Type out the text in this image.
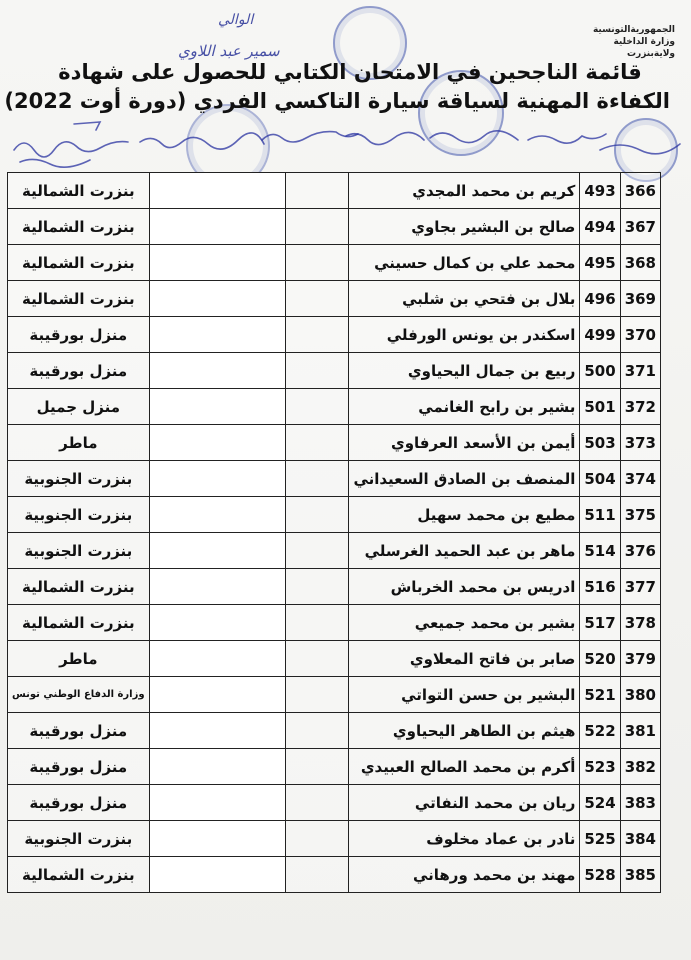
الجمهوريةالتونسية
وزارة الداخلية
ولايةبنزرت
الوالي
سمير عبد اللاوي
قائمة الناجحين في الامتحان الكتابي للحصول على شهادة
الكفاءة المهنية لسياقة سيارة التاكسي الفردي (دورة أوت 2022)
366	493	كريم بن محمد المجدي			بنزرت الشمالية
367	494	صالح بن البشير بجاوي			بنزرت الشمالية
368	495	محمد علي بن كمال حسيني			بنزرت الشمالية
369	496	بلال بن فتحي بن شلبي			بنزرت الشمالية
370	499	اسكندر بن يونس الورفلي			منزل بورقيبة
371	500	ربيع بن جمال اليحياوي			منزل بورقيبة
372	501	بشير بن رابح الغانمي			منزل جميل
373	503	أيمن بن الأسعد العرفاوي			ماطر
374	504	المنصف بن الصادق السعيداني			بنزرت الجنوبية
375	511	مطيع بن محمد سهيل			بنزرت الجنوبية
376	514	ماهر بن عبد الحميد الغرسلي			بنزرت الجنوبية
377	516	ادريس بن محمد الخرباش			بنزرت الشمالية
378	517	بشير بن محمد جميعي			بنزرت الشمالية
379	520	صابر بن فاتح المعلاوي			ماطر
380	521	البشير بن حسن التواتي			وزارة الدفاع الوطني تونس
381	522	هيثم بن الطاهر اليحياوي			منزل بورقيبة
382	523	أكرم بن محمد الصالح العبيدي			منزل بورقيبة
383	524	ريان بن محمد النفاتي			منزل بورقيبة
384	525	نادر بن عماد مخلوف			بنزرت الجنوبية
385	528	مهند بن محمد ورهاني			بنزرت الشمالية
